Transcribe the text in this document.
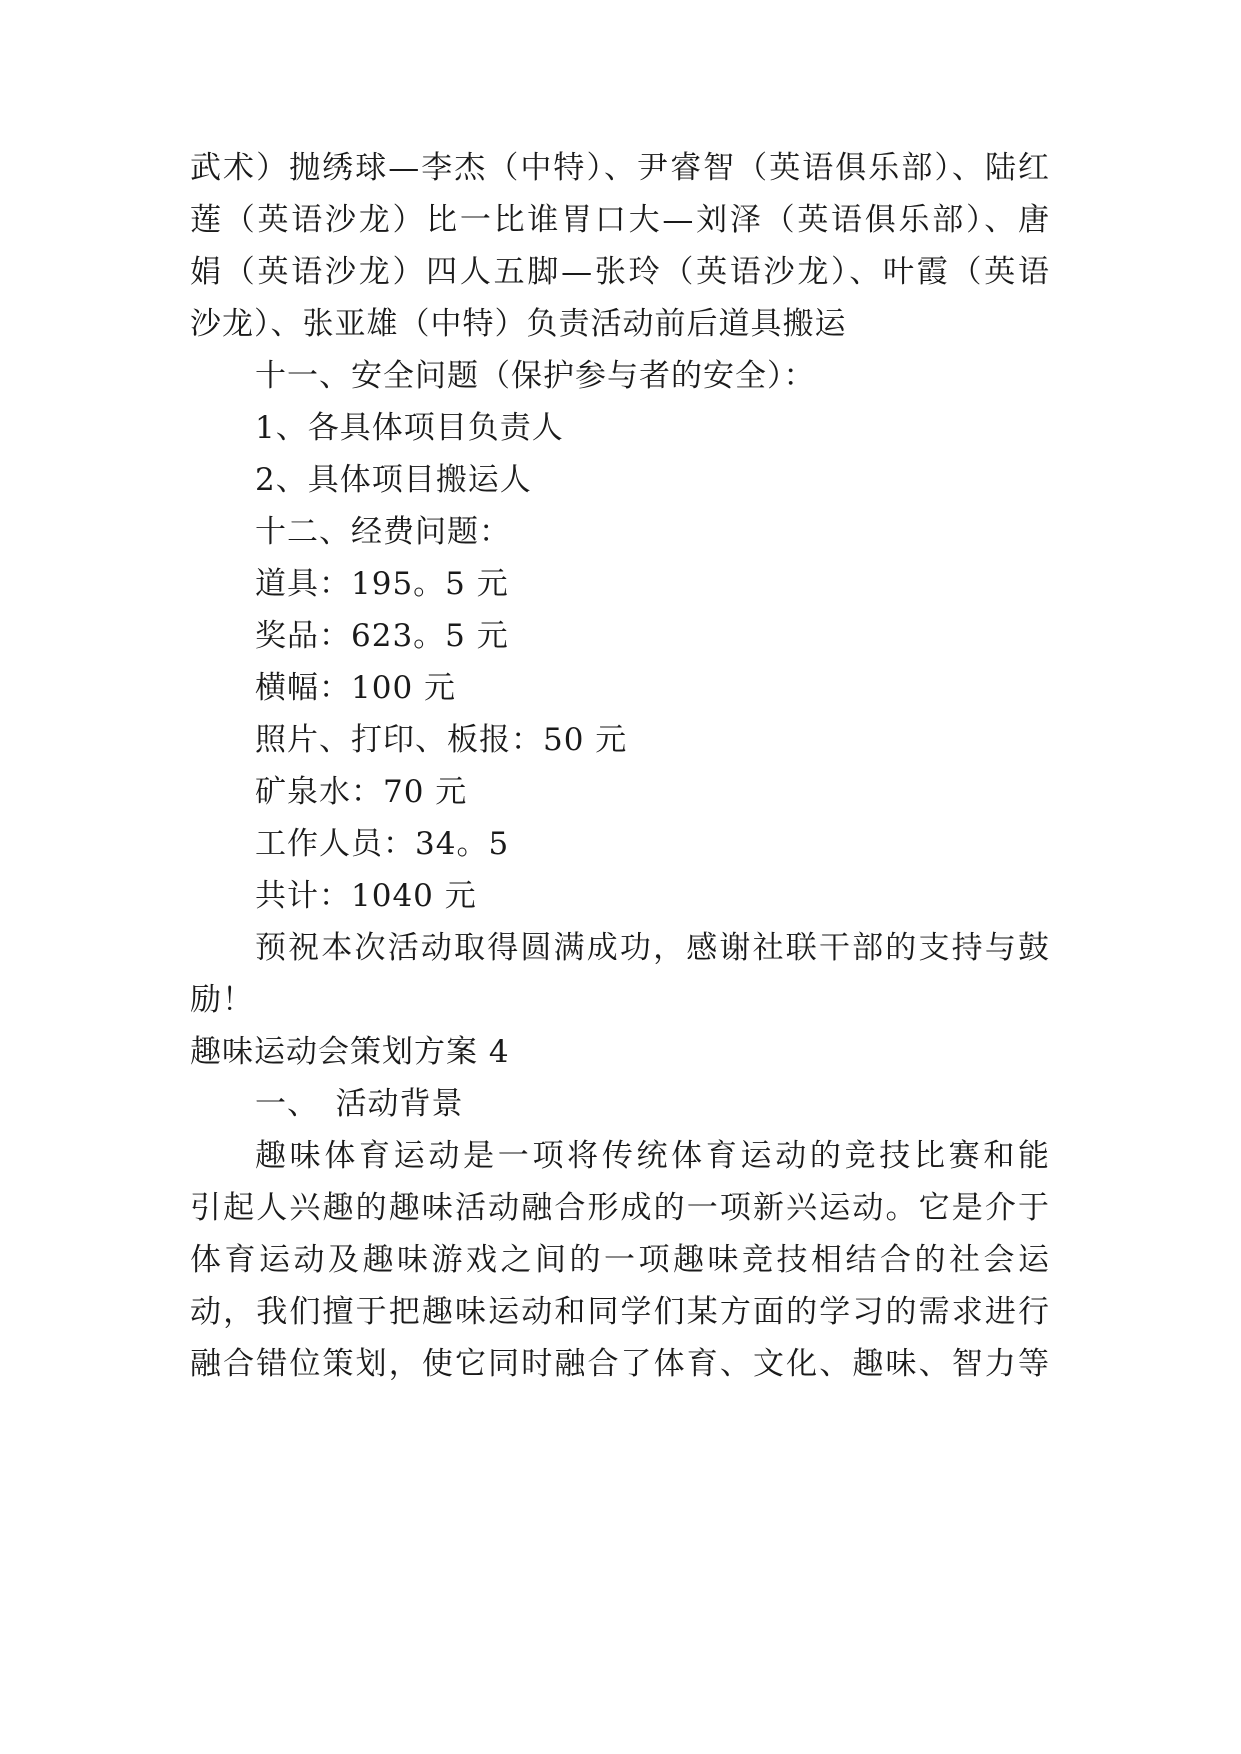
武术）抛绣球—李杰（中特）、尹睿智（英语俱乐部）、陆红
莲（英语沙龙）比一比谁胃口大—刘泽（英语俱乐部）、唐
娟（英语沙龙）四人五脚—张玲（英语沙龙）、叶霞（英语
沙龙）、张亚雄（中特）负责活动前后道具搬运
十一、安全问题（保护参与者的安全）：
1、各具体项目负责人
2、具体项目搬运人
十二、经费问题：
道具：195。5 元
奖品：623。5 元
横幅：100 元
照片、打印、板报：50 元
矿泉水：70 元
工作人员：34。5
共计：1040 元
预祝本次活动取得圆满成功，感谢社联干部的支持与鼓
励！
趣味运动会策划方案 4
一、　活动背景
趣味体育运动是一项将传统体育运动的竞技比赛和能
引起人兴趣的趣味活动融合形成的一项新兴运动。它是介于
体育运动及趣味游戏之间的一项趣味竞技相结合的社会运
动，我们擅于把趣味运动和同学们某方面的学习的需求进行
融合错位策划，使它同时融合了体育、文化、趣味、智力等
